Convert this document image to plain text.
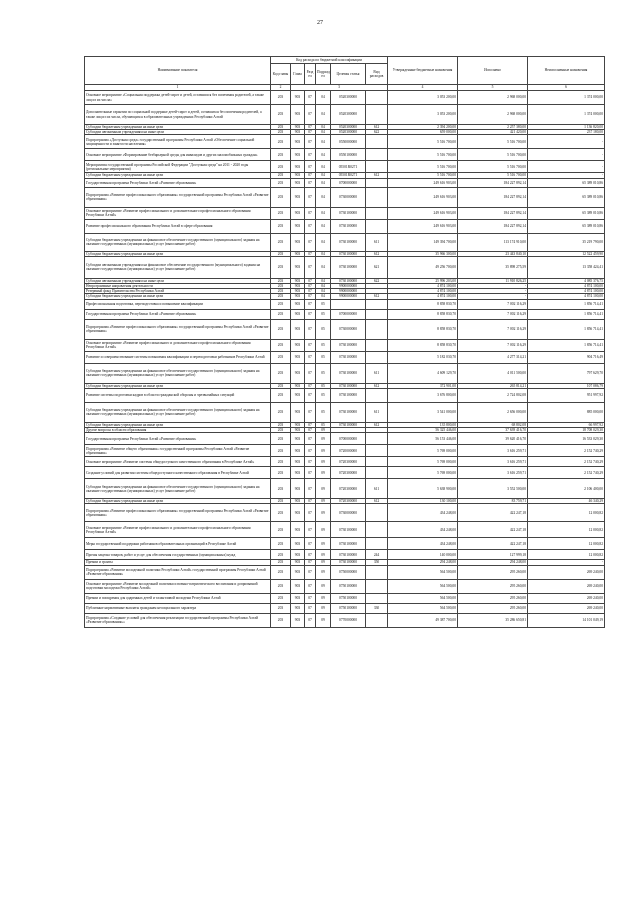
27
Наименование показателя	Код расхода по бюджетной классификации						Утвержденные бюджетные назначения	Исполнено	Неисполненные назначения
	Код главы	Глава	Разд ел	Подразд ел	Целевая статья	Вид расходов			
1	2	3					4	5	6
Основное мероприятие «Социальная поддержка детей-сирот и детей, оставшихся без попечения родителей, а также лиц из их числа»	203	903	07	04	0520300000		3 053 200,00	2 968 000,00	1 374 000,00
Дополнительные гарантии по социальной поддержке детей-сирот и детей, оставшихся без попечения родителей, а также лиц из их числа, обучающихся в образовательных учреждениях Республики Алтай	203	903	07	04	0520300000		3 053 200,00	2 968 000,00	1 374 000,00
Субсидии бюджетным учреждениям на иные цели	203	903	07	04	0520300000	612	2 394 200,00	2 257 380,00	1 136 820,00
Субсидии автономным учреждениям на иные цели	203	903	07	04	0520300000	622	659 000,00	421 420,00	237 180,00
Подпрограмма «Доступная среда» государственной программы Республики Алтай «Обеспечение социальной защищенности и занятости населения»	203	903	07	04	0550000000		5 516 700,00	5 516 700,00	-
Основное мероприятие «Формирование безбарьерной среды для инвалидов и других маломобильных граждан»	203	903	07	04	0550100000		5 516 700,00	5 516 700,00	-
Мероприятия государственной программы Российской Федерации "Доступная среда" на 2011 - 2020 годы (региональные мероприятия)	203	903	07	04	05501R0271		5 516 700,00	5 516 700,00	-
Субсидии бюджетным учреждениям на иные цели	203	903	07	04	05501R0271	612	5 516 700,00	5 516 700,00	-
Государственная программа Республики Алтай «Развитие образования»	203	903	07	04	0700000000		249 616 903,00	184 227 892,14	65 389 010,86
Подпрограмма «Развитие профессионального образования» государственной программы Республики Алтай «Развитие образования»	203	903	07	04	0730000000		249 616 903,00	184 227 892,14	65 389 010,86
Основное мероприятие «Развитие профессионального и дополнительного профессионального образования Республики Алтай»	203	903	07	04	0730100000		249 616 903,00	184 227 892,14	65 389 010,86
Развитие профессионального образования Республики Алтай в сфере образования	203	903	07	04	0730100000		249 616 903,00	184 227 892,14	65 389 010,86
Субсидии бюджетным учреждениям на финансовое обеспечение государственного (муниципального) задания на оказание государственных (муниципальных) услуг (выполнение работ)	203	903	07	04	0730100000	611	149 394 700,00	113 174 910,00	35 219 790,00
Субсидии бюджетным учреждениям на иные цели	203	903	07	04	0730100000	612	35 966 300,00	23 443 840,10	12 522 459,90
Субсидии автономным учреждениям на финансовое обеспечение государственного (муниципального) задания на оказание государственных (муниципальных) услуг (выполнение работ)	203	903	07	04	0730100000	621	49 256 700,00	35 898 275,59	13 358 424,41
Субсидии автономным учреждениям на иные цели	203	903	07	04	0730100000	622	25 996 203,00	11 910 826,25	4 085 376,75
Непрограммные направления деятельности	203	903	07	04	9900000000		4 874 100,00	-	4 874 100,00
Резервный фонд Правительства Республики Алтай	203	903	07	04	9900000000		4 874 100,00	-	4 874 100,00
Субсидии бюджетным учреждениям на иные цели	203	903	07	04	9900000000	612	4 874 100,00	-	4 874 100,00
Профессиональная подготовка, переподготовка и повышение квалификации	203	903	07	05			8 858 830,70	7 002 116,29	1 856 714,41
Государственная программа Республики Алтай «Развитие образования»	203	903	07	05	0700000000		8 858 830,70	7 002 116,29	1 856 714,41
Подпрограмма «Развитие профессионального образования» государственной программы Республики Алтай «Развитие образования»	203	903	07	05	0730000000		8 858 830,70	7 002 116,29	1 856 714,41
Основное мероприятие «Развитие профессионального и дополнительного профессионального образования Республики Алтай»	203	903	07	05	0730100000		8 858 830,70	7 002 116,29	1 856 714,41
Развитие и совершенствование системы повышения квалификации и переподготовки работников Республики Алтай	203	903	07	05	0730100000		5 182 030,70	4 277 314,21	904 716,49
Субсидии бюджетным учреждениям на финансовое обеспечение государственного (муниципального) задания на оказание государственных (муниципальных) услуг (выполнение работ)	203	903	07	05	0730100000	611	4 609 129,70	4 011 500,00	797 629,70
Субсидии бюджетным учреждениям на иные цели	203	903	07	05	0730100000	612	372 901,00	265 814,21	107 086,79
Развитие системы подготовки кадров в области гражданской обороны и чрезвычайных ситуаций	203	903	07	05	0730100000		3 676 800,00	2 724 802,08	951 997,92
Субсидии бюджетным учреждениям на финансовое обеспечение государственного (муниципального) задания на оказание государственных (муниципальных) услуг (выполнение работ)	203	903	07	05	0730100000	611	3 541 000,00	2 656 000,00	885 000,00
Субсидии бюджетным учреждениям на иные цели	203	903	07	05	0730100000	612	135 800,00	68 802,08	66 997,92
Другие вопросы в области образования	203	903	07	09			56 325 446,00	37 639 416,70	18 708 029,30
Государственная программа Республики Алтай «Развитие образования»	203	903	07	09	0700000000		56 153 446,00	39 620 416,70	16 533 029,30
Подпрограмма «Развитие общего образования» государственной программы Республики Алтай «Развитие образования»	203	903	07	09	0720000000		5 769 000,00	3 616 259,71	2 152 740,29
Основное мероприятие «Развитие системы общедоступного качественного образования в Республике Алтай»	203	903	07	09	0720300000		5 769 000,00	3 616 259,71	2 152 740,29
Создание условий для развития системы общедоступного качественного образования в Республике Алтай	203	903	07	09	0720300000		5 769 000,00	3 616 259,71	2 152 740,29
Субсидии бюджетным учреждениям на финансовое обеспечение государственного (муниципального) задания на оказание государственных (муниципальных) услуг (выполнение работ)	203	903	07	09	0720300000	611	5 638 900,00	3 552 500,00	2 106 400,00
Субсидии бюджетным учреждениям на иные цели	203	903	07	09	0720300000	612	130 100,00	83 759,71	46 340,29
Подпрограмма «Развитие профессионального образования» государственной программы Республики Алтай «Развитие образования»	203	903	07	09	0730000000		434 248,00	422 247,18	12 000,82
Основное мероприятие «Развитие профессионального и дополнительного профессионального образования Республики Алтай»	203	903	07	09	0730100000		434 248,00	422 247,18	12 000,82
Меры государственной поддержки работников образовательных организаций в Республике Алтай	203	903	07	09	0730100000		434 248,00	422 247,18	12 000,82
Прочая закупка товаров, работ и услуг для обеспечения государственных (муниципальных) нужд	203	903	07	09	0730100000	244	140 000,00	127 999,18	12 000,82
Премии и гранты	203	903	07	09	0730100000	350	294 248,00	294 248,00	-
Подпрограмма «Развитие молодежной политики Республики Алтай» государственной программы Республики Алтай «Развитие образования»	203	903	07	09	0750000000		564 500,00	295 260,00	269 240,00
Основное мероприятие «Развитие молодежной политики и военно-патриотического воспитания и допризывной подготовки молодежи Республики Алтай»	203	903	07	09	0750100000		564 500,00	295 260,00	269 240,00
Премии и поощрения для одаренных детей и талантливой молодежи Республики Алтай	203	903	07	09	0750100000		564 500,00	295 260,00	269 240,00
Публичные нормативные выплаты гражданам несоциального характера	203	903	07	09	0750100000	330	564 500,00	295 260,00	269 240,00
Подпрограмма «Создание условий для обеспечения реализации государственной программы Республики Алтай «Развитие образования»»	203	903	07	09	0770000000		49 387 700,00	35 286 650,81	14 101 049,19
